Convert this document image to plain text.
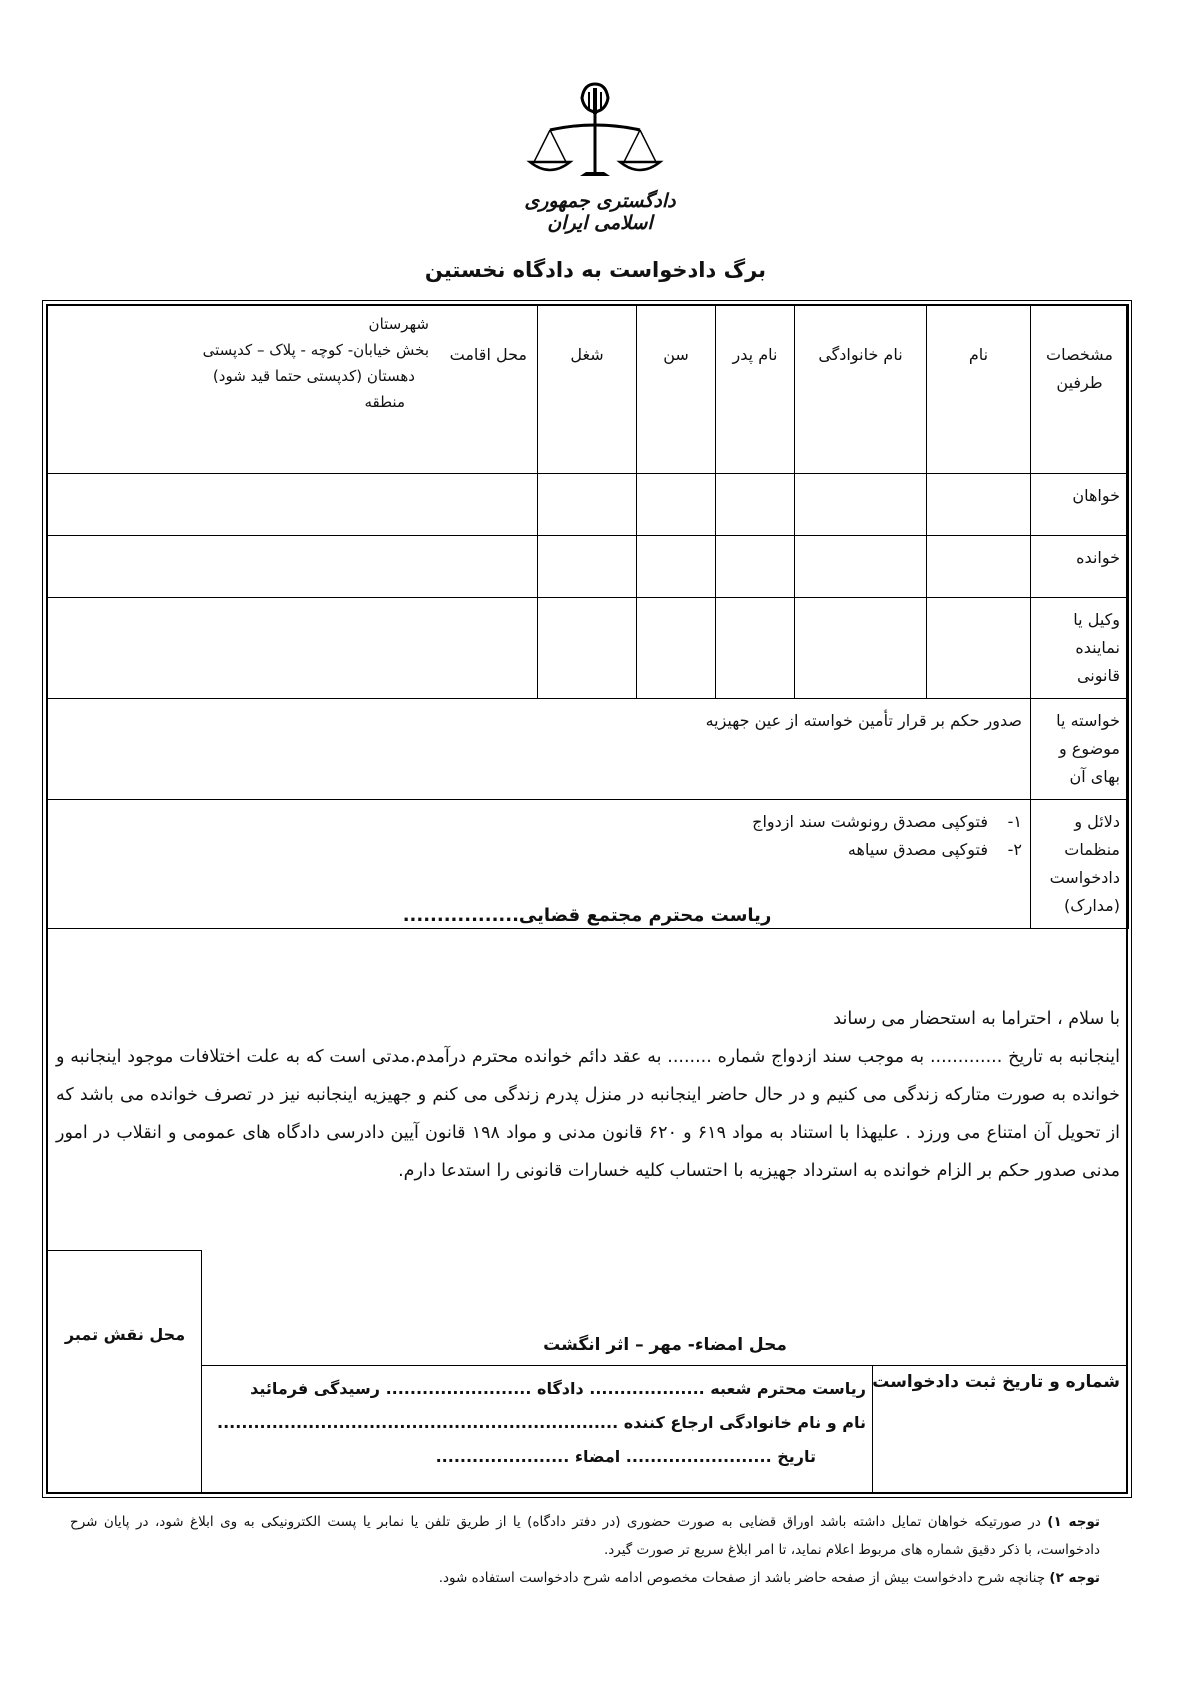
دادگستری جمهوری اسلامی ایران
برگ دادخواست به دادگاه نخستین
مشخصات طرفین	نام	نام خانوادگی	نام پدر	سن	شغل	محل اقامت
شهرستان
بخش خیابان- کوچه - پلاک – کدپستی
دهستان (کدپستی حتما قید شود)
منطقه

خواهان						
خوانده						
وکیل یا نماینده قانونی						
خواسته یا موضوع و بهای آن	صدور حکم بر قرار تأمین خواسته از عین جهیزیه					
دلائل و منظمات دادخواست (مدارک)	۱-فتوکپی مصدق رونوشت سند ازدواج
۲-فتوکپی مصدق سیاهه					
ریاست محترم مجتمع قضایی.................
با سلام ، احتراما به استحضار می رساند
اینجانبه به تاریخ ............. به موجب سند ازدواج شماره ........ به عقد دائم خوانده محترم درآمدم.مدتی است که به علت اختلافات موجود اینجانبه و خوانده به صورت متارکه زندگی می کنیم و در حال حاضر اینجانبه در منزل پدرم زندگی می کنم و جهیزیه اینجانبه نیز در تصرف خوانده می باشد که از تحویل آن امتناع می ورزد . علیهذا با استناد به مواد ۶۱۹ و ۶۲۰ قانون مدنی و مواد ۱۹۸ قانون آیین دادرسی دادگاه های عمومی و انقلاب در امور مدنی صدور حکم بر الزام خوانده به استرداد جهیزیه با احتساب کلیه خسارات قانونی را استدعا دارم.
محل نقش تمبر
محل امضاء- مهر – اثر انگشت
شماره و تاریخ ثبت دادخواست
ریاست محترم شعبه ................... دادگاه ........................ رسیدگی فرمائید
نام و نام خانوادگی ارجاع کننده ..................................................................
تاریخ ........................ امضاء ......................
توجه ۱) در صورتیکه خواهان تمایل داشته باشد اوراق قضایی به صورت حضوری (در دفتر دادگاه) یا از طریق تلفن یا نمابر یا پست الکترونیکی به وی ابلاغ شود، در پایان شرح دادخواست، با ذکر دقیق شماره های مربوط اعلام نماید، تا امر ابلاغ سریع تر صورت گیرد.
توجه ۲) چنانچه شرح دادخواست بیش از صفحه حاضر باشد از صفحات مخصوص ادامه شرح دادخواست استفاده شود.
